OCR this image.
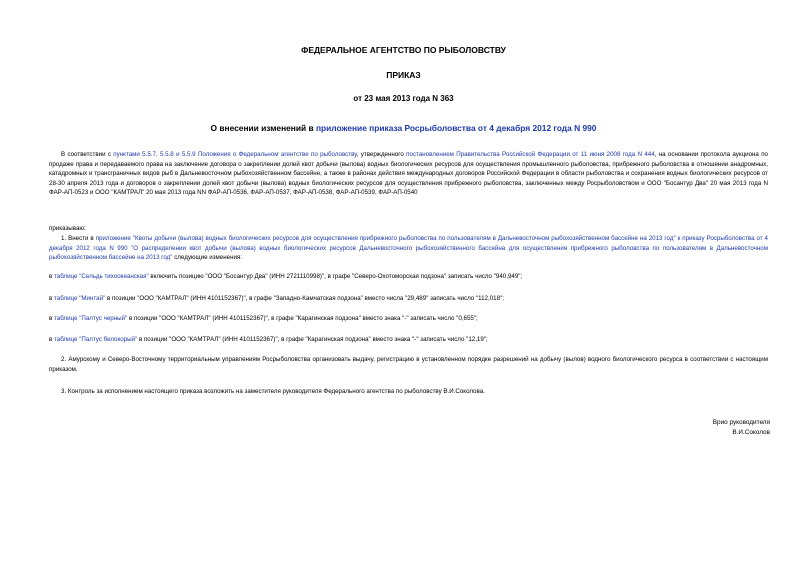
ФЕДЕРАЛЬНОЕ АГЕНТСТВО ПО РЫБОЛОВСТВУ
ПРИКАЗ
от 23 мая 2013 года N 363
О внесении изменений в приложение приказа Росрыболовства от 4 декабря 2012 года N 990
В соответствии с пунктами 5.5.7, 5.5.8 и 5.5.9 Положения о Федеральном агентстве по рыболовству, утвержденного постановлением Правительства Российской Федерации от 11 июня 2008 года N 444, на основании протокола аукциона по продаже права и передаваемого права на заключение договора о закреплении долей квот добычи (вылова) водных биологических ресурсов для осуществления промышленного рыболовства, прибрежного рыболовства в отношении анадромных, катадромных и трансграничных видов рыб в Дальневосточном рыбохозяйственном бассейне, а также в районах действия международных договоров Российской Федерации в области рыболовства и сохранения водных биологических ресурсов от 28-30 апреля 2013 года и договоров о закреплении долей квот добычи (вылова) водных биологических ресурсов для осуществления прибрежного рыболовства, заключенных между Росрыболовством и ООО "Босантур Два" 20 мая 2013 года N ФАР-АП-0523 и ООО "КАМТРАЛ" 20 мая 2013 года NN ФАР-АП-0536, ФАР-АП-0537, ФАР-АП-0538, ФАР-АП-0539, ФАР-АП-0540
приказываю:
1. Внести в приложение "Квоты добычи (вылова) водных биологических ресурсов для осуществления прибрежного рыболовства по пользователям в Дальневосточном рыбохозяйственном бассейне на 2013 год" к приказу Росрыболовства от 4 декабря 2012 года N 990 "О распределении квот добычи (вылова) водных биологических ресурсов Дальневосточного рыбохозяйственного бассейна для осуществления прибрежного рыболовства по пользователям в Дальневосточном рыбохозяйственном бассейне на 2013 год" следующие изменения:
в таблице "Сельдь тихоокеанская" включить позицию "ООО "Босантур Два" (ИНН 2721110998)", в графе "Северо-Охотоморская подзона" записать число "940,949";
в таблице "Минтай" в позиции "ООО "КАМТРАЛ" (ИНН 4101152367)", в графе "Западно-Камчатская подзона" вместо числа "29,489" записать число "112,018";
в таблице "Палтус черный" в позиции "ООО "КАМТРАЛ" (ИНН 4101152367)", в графе "Карагинская подзона" вместо знака "-" записать число "0,655";
в таблице "Палтус белокорый" в позиции "ООО "КАМТРАЛ" (ИНН 4101152367)", в графе "Карагинская подзона" вместо знака "-" записать число "12,19";
2. Амурскому и Северо-Восточному территориальным управлениям Росрыболовства организовать выдачу, регистрацию в установленном порядке разрешений на добычу (вылов) водного биологического ресурса в соответствии с настоящим приказом.
3. Контроль за исполнением настоящего приказа возложить на заместителя руководителя Федерального агентства по рыболовству В.И.Соколова.
Врио руководителя
В.И.Соколов
